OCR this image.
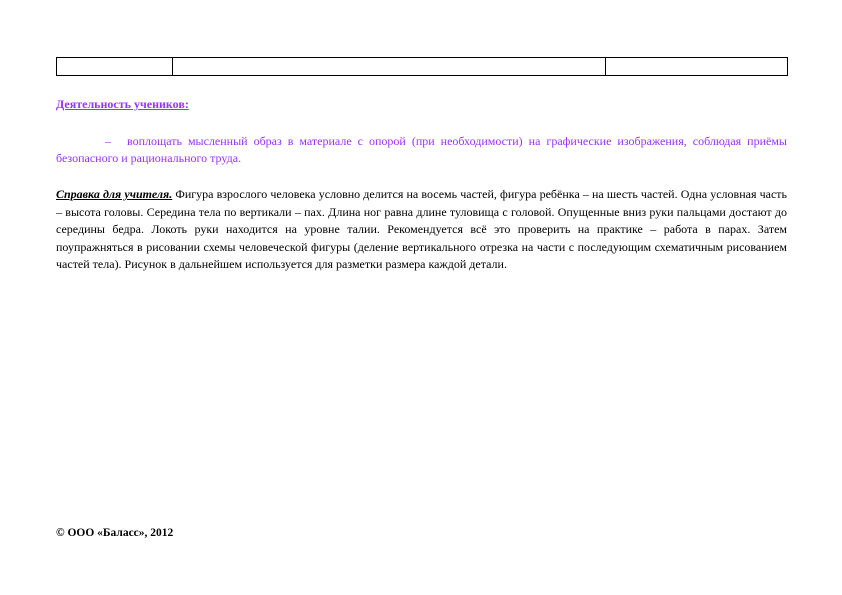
Деятельность учеников:
– воплощать мысленный образ в материале с опорой (при необходимости) на графические изображения, соблюдая приёмы безопасного и рационального труда.
Справка для учителя. Фигура взрослого человека условно делится на восемь частей, фигура ребёнка – на шесть частей. Одна условная часть – высота головы. Середина тела по вертикали – пах. Длина ног равна длине туловища с головой. Опущенные вниз руки пальцами достают до середины бедра. Локоть руки находится на уровне талии. Рекомендуется всё это проверить на практике – работа в парах. Затем поупражняться в рисовании схемы человеческой фигуры (деление вертикального отрезка на части с последующим схематичным рисованием частей тела). Рисунок в дальнейшем используется для разметки размера каждой детали.
© ООО «Баласс», 2012
